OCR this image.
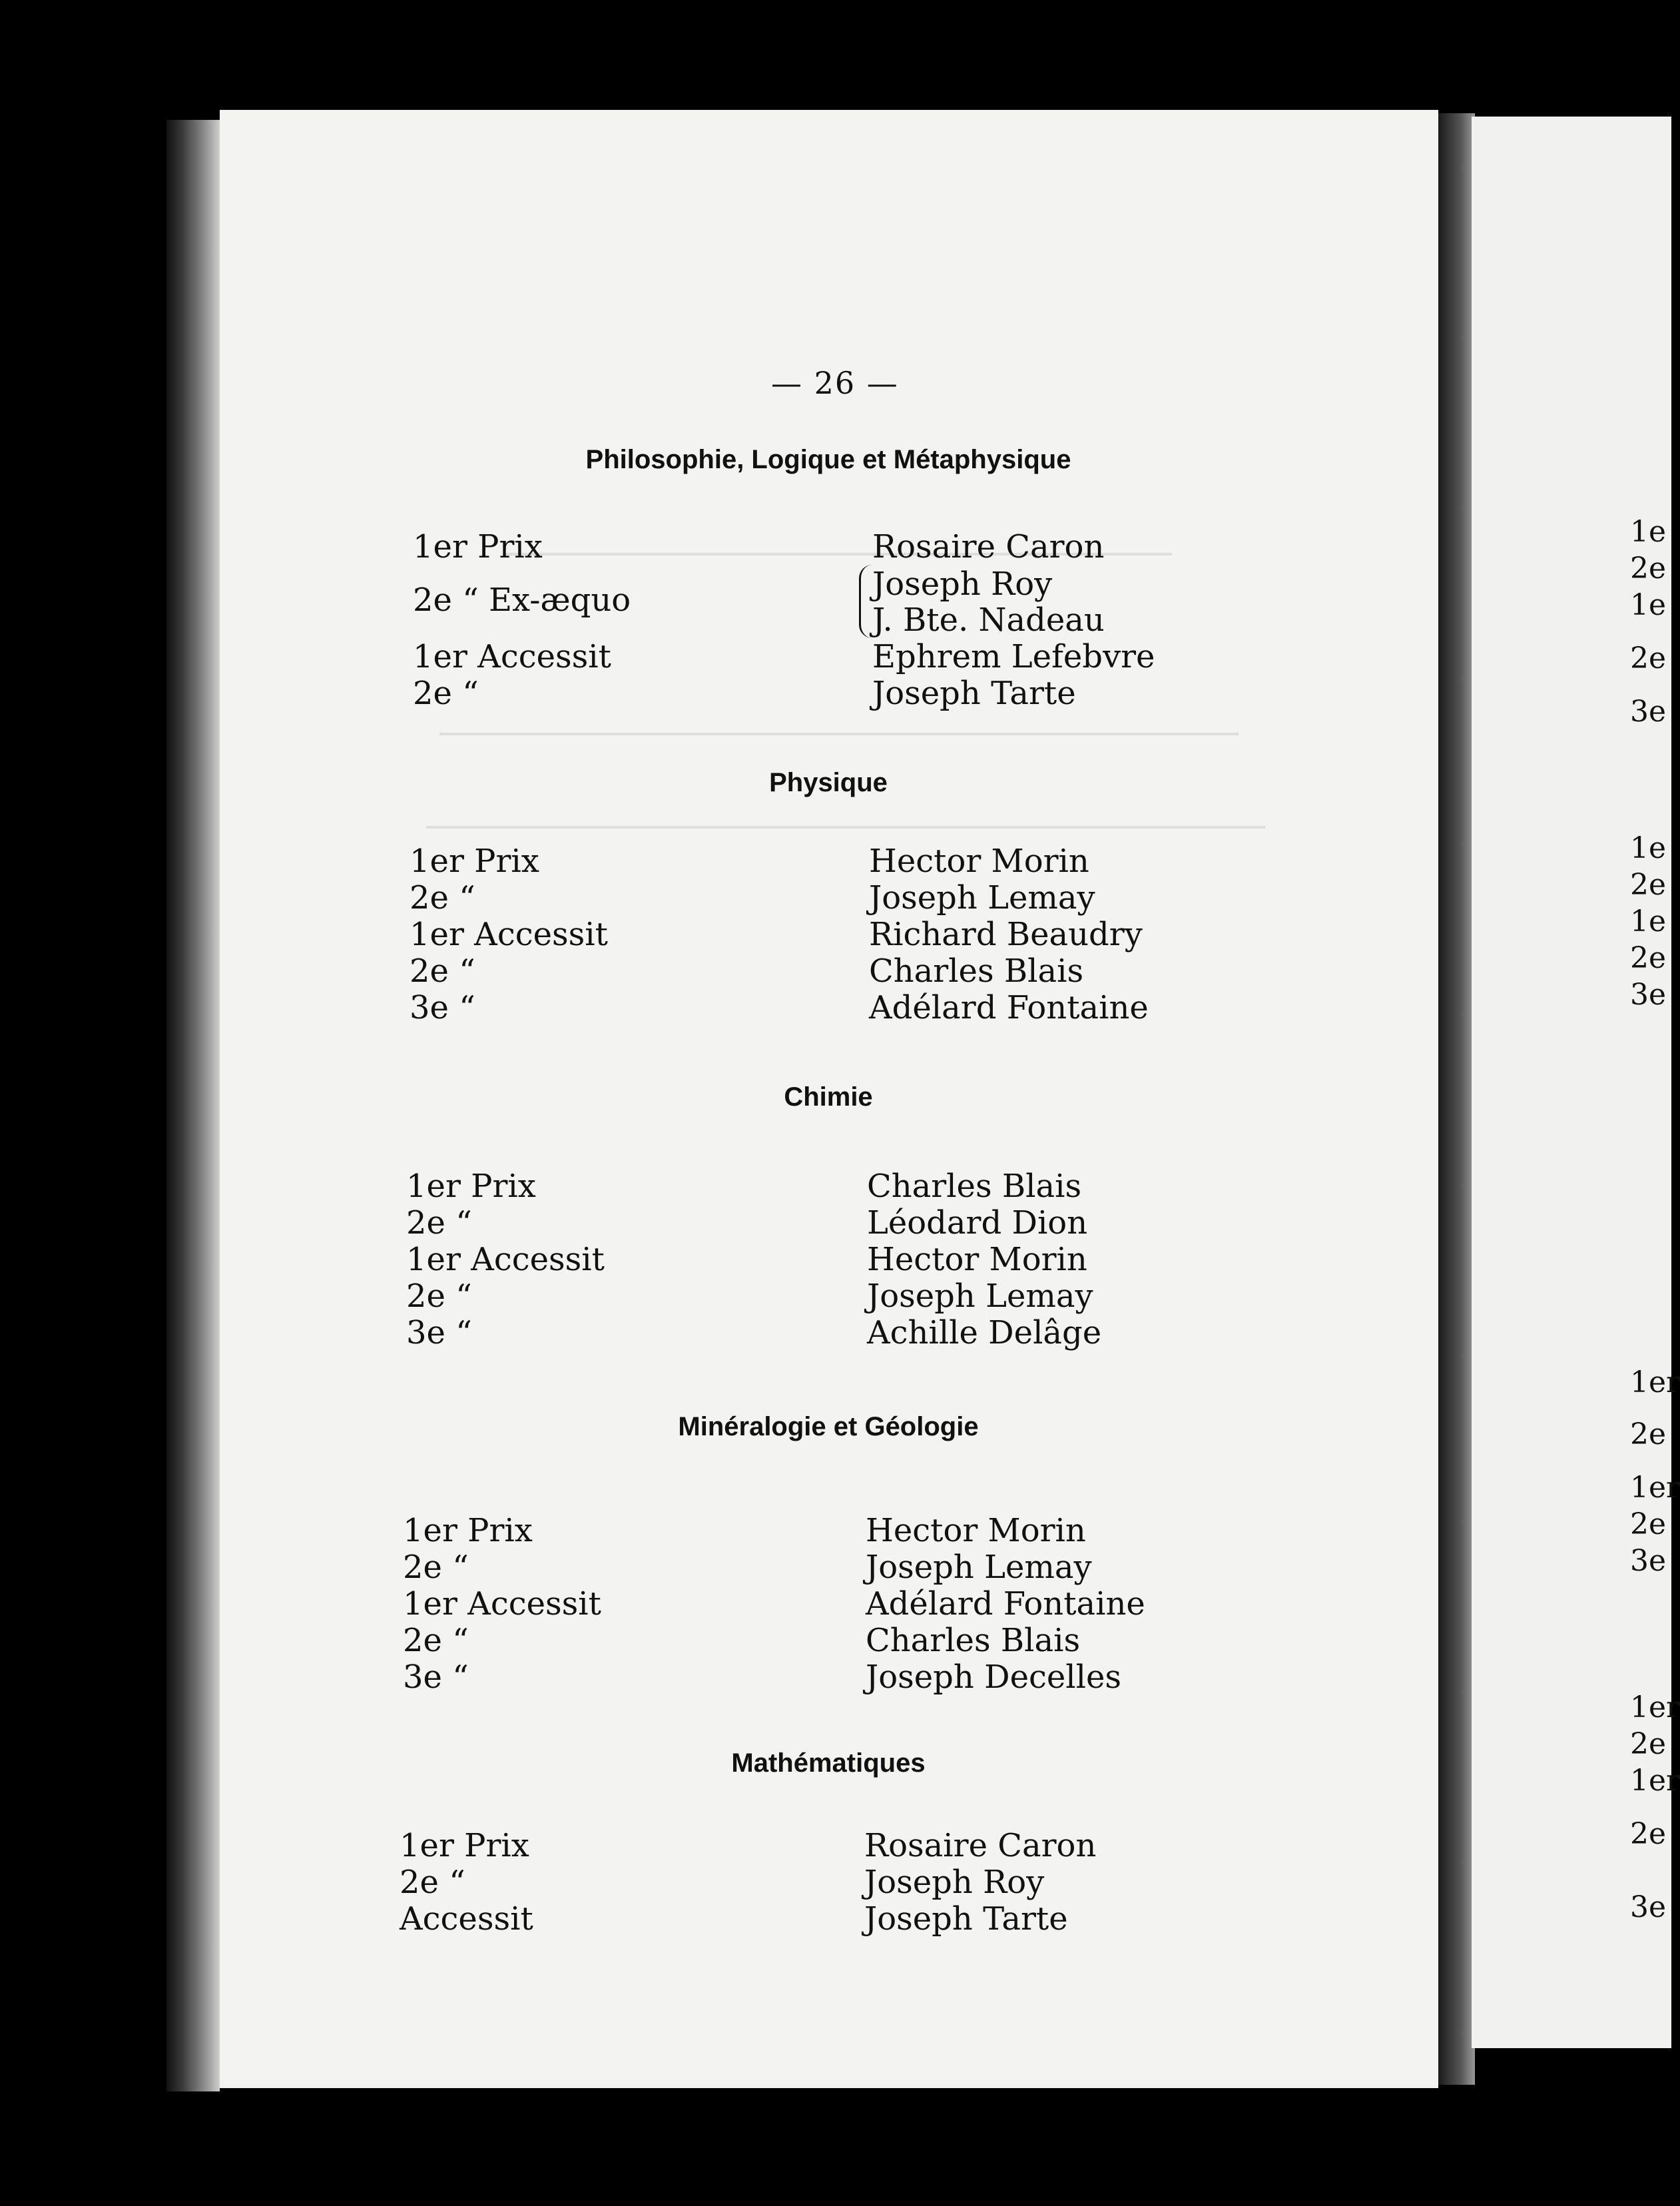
— 26 —
Philosophie, Logique et Métaphysique
1er Prix	Rosaire Caron
2e “ Ex-æquo	Joseph Roy
J. Bte. Nadeau
1er Accessit	Ephrem Lefebvre
2e “	Joseph Tarte
Physique
1er Prix	Hector Morin
2e “	Joseph Lemay
1er Accessit	Richard Beaudry
2e “	Charles Blais
3e “	Adélard Fontaine
Chimie
1er Prix	Charles Blais
2e “	Léodard Dion
1er Accessit	Hector Morin
2e “	Joseph Lemay
3e “	Achille Delâge
Minéralogie et Géologie
1er Prix	Hector Morin
2e “	Joseph Lemay
1er Accessit	Adélard Fontaine
2e “	Charles Blais
3e “	Joseph Decelles
Mathématiques
1er Prix	Rosaire Caron
2e “	Joseph Roy
Accessit	Joseph Tarte
1e
2e
1e
2e
3e
1e
2e
1e
2e
3e
1er
2e
1er
2e
3e
1er
2e
1er
2e
3e
